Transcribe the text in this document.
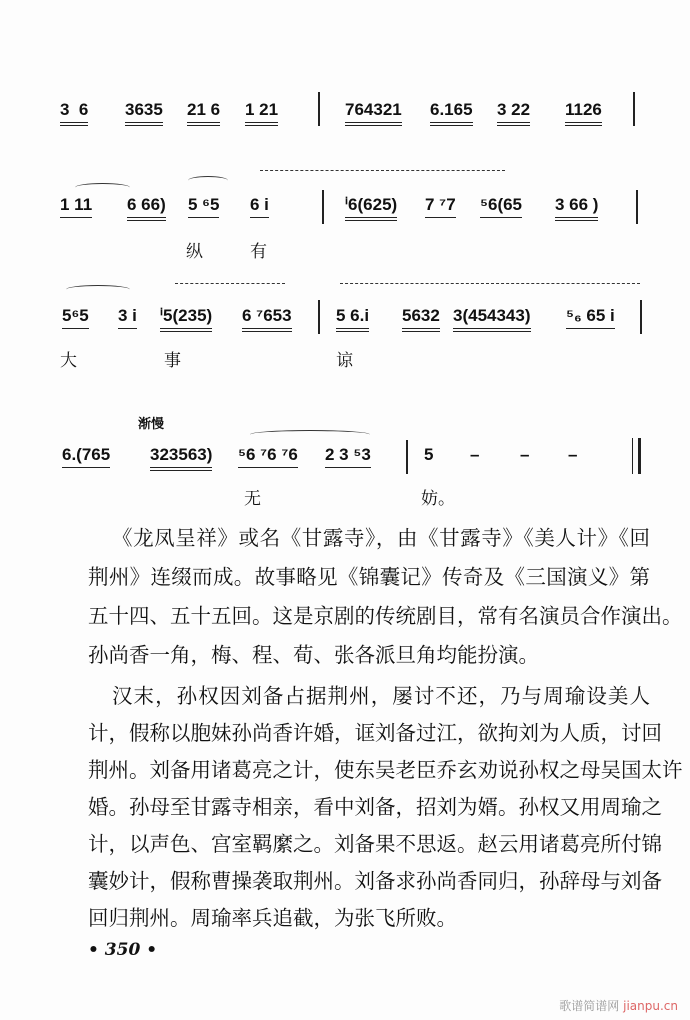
3  6 3635 21 6 1 21	764321 6.165 3 22 1126
1 11 6 66) 5 ⁶5 6 i	ⁱ6(625) 7 ⁷7 ⁵6(65 3 66 )
纵	有
5⁶5 3 i ⁱ5(235) 6 ⁷653	5 6.i 5632 3(454343) ⁵₆ 65 i
大	事	谅
渐慢
6.(765 323563) ⁵6 ⁷6 ⁷6 2 3 ⁵3	5 – – –
无	妨。
《龙凤呈祥》或名《甘露寺》，由《甘露寺》《美人计》《回
荆州》连缀而成。故事略见《锦囊记》传奇及《三国演义》第
五十四、五十五回。这是京剧的传统剧目，常有名演员合作演出。
孙尚香一角，梅、程、荀、张各派旦角均能扮演。
汉末，孙权因刘备占据荆州，屡讨不还，乃与周瑜设美人
计，假称以胞妹孙尚香许婚，诓刘备过江，欲拘刘为人质，讨回
荆州。刘备用诸葛亮之计，使东吴老臣乔玄劝说孙权之母吴国太许
婚。孙母至甘露寺相亲，看中刘备，招刘为婿。孙权又用周瑜之
计，以声色、宫室羁縻之。刘备果不思返。赵云用诸葛亮所付锦
囊妙计，假称曹操袭取荆州。刘备求孙尚香同归，孙辞母与刘备
回归荆州。周瑜率兵追截，为张飞所败。
• 350 •
歌谱简谱网 jianpu.cn
